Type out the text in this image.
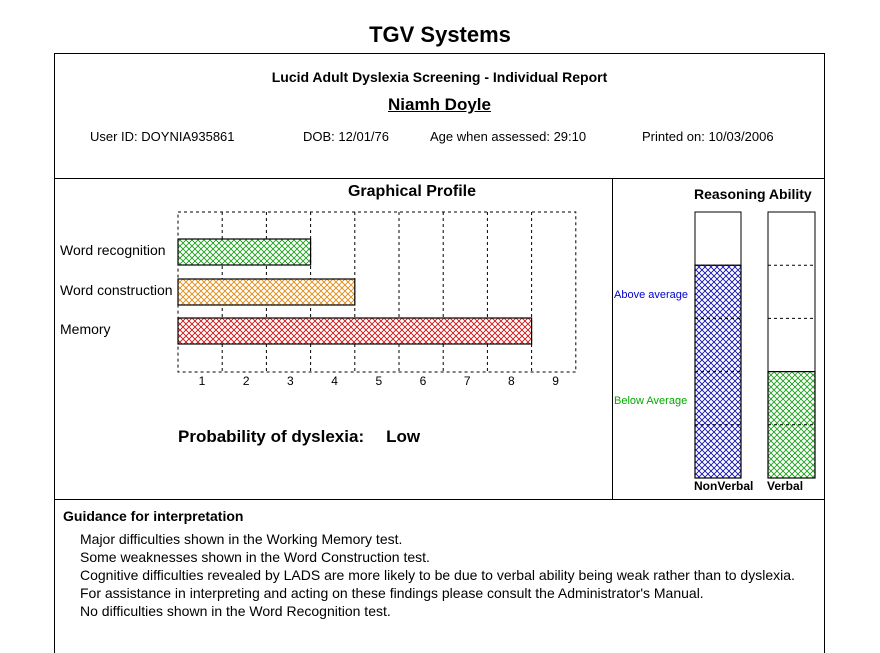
TGV Systems
Lucid Adult Dyslexia Screening - Individual Report
Niamh Doyle
User ID: DOYNIA935861	DOB: 12/01/76	Age when assessed: 29:10	Printed on: 10/03/2006
Graphical Profile
Word recognition
Word construction
Memory
1	2	3	4	5	6	7	8	9
Probability of dyslexia: Low
Reasoning Ability
Above average
Below Average
NonVerbal Verbal
Guidance for interpretation
Major difficulties shown in the Working Memory test.
Some weaknesses shown in the Word Construction test.
Cognitive difficulties revealed by LADS are more likely to be due to verbal ability being weak rather than to dyslexia. For assistance in interpreting and acting on these findings please consult the Administrator's Manual.
No difficulties shown in the Word Recognition test.
